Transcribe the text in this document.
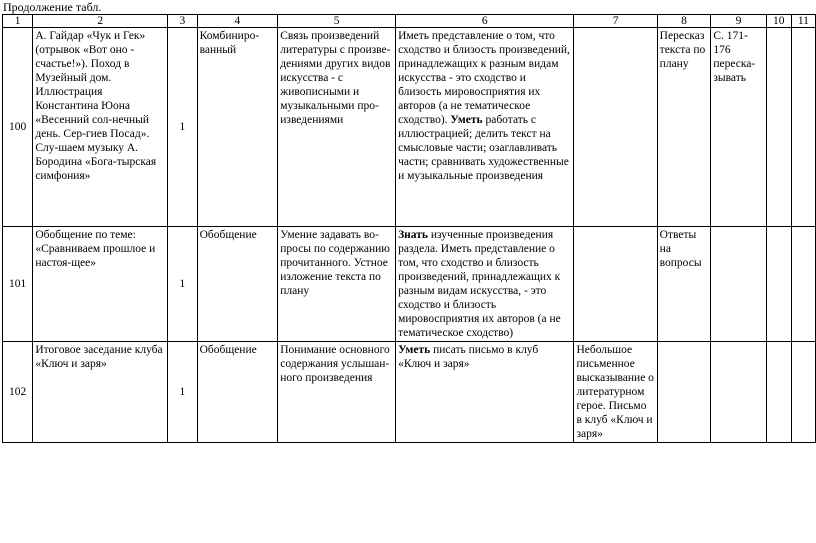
Продолжение табл.
1	2	3	4	5	6	7	8	9	10	11
100	А. Гайдар «Чук и Гек» (отрывок «Вот оно - счастье!»). Поход в Музейный дом. Иллюстрация Константина Юона «Весенний сол-нечный день. Сер-гиев Посад». Слу-шаем музыку А. Бородина «Бога-тырская симфония»	1	Комбиниро-ванный	Связь произведений литературы с произве-дениями других видов искусства - с живописными и музыкальными про-изведениями	Иметь представление о том, что сходство и близость произведений, принадлежащих к разным видам искусства - это сходство и близость мировосприятия их авторов (а не тематическое сходство). Уметь работать с иллюстрацией; делить текст на смысловые части; озаглавливать части; сравнивать художественные и музыкальные произведения		Пересказ текста по плану	С. 171-176 переска-зывать		
101	Обобщение по теме: «Сравниваем прошлое и настоя-щее»	1	Обобщение	Умение задавать во-просы по содержанию прочитанного. Устное изложение текста по плану	Знать изученные произведения раздела. Иметь представление о том, что сходство и близость произведений, принадлежащих к разным видам искусства, - это сходство и близость мировосприятия их авторов (а не тематическое сходство)		Ответы на вопросы			
102	Итоговое заседание клуба «Ключ и заря»	1	Обобщение	Понимание основного содержания услышан-ного произведения	Уметь писать письмо в клуб «Ключ и заря»	Небольшое письменное высказывание о литературном герое. Письмо в клуб «Ключ и заря»				
